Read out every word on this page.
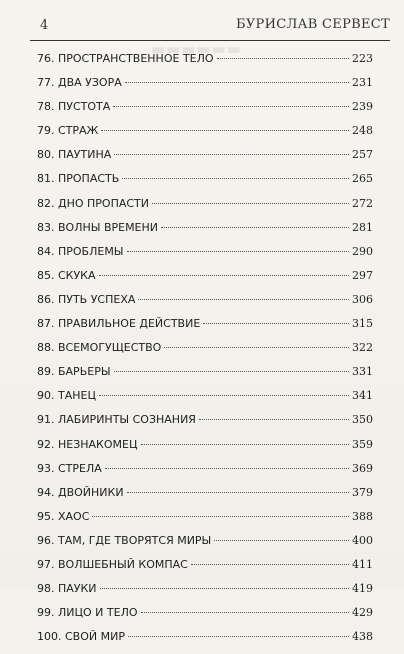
▬▬▬▬▬▬
4	БУРИСЛАВ СЕРВЕСТ
76. ПРОСТРАНСТВЕННОЕ ТЕЛО	223
77. ДВА УЗОРА	231
78. ПУСТОТА	239
79. СТРАЖ	248
80. ПАУТИНА	257
81. ПРОПАСТЬ	265
82. ДНО ПРОПАСТИ	272
83. ВОЛНЫ ВРЕМЕНИ	281
84. ПРОБЛЕМЫ	290
85. СКУКА	297
86. ПУТЬ УСПЕХА	306
87. ПРАВИЛЬНОЕ ДЕЙСТВИЕ	315
88. ВСЕМОГУЩЕСТВО	322
89. БАРЬЕРЫ	331
90. ТАНЕЦ	341
91. ЛАБИРИНТЫ СОЗНАНИЯ	350
92. НЕЗНАКОМЕЦ	359
93. СТРЕЛА	369
94. ДВОЙНИКИ	379
95. ХАОС	388
96. ТАМ, ГДЕ ТВОРЯТСЯ МИРЫ	400
97. ВОЛШЕБНЫЙ КОМПАС	411
98. ПАУКИ	419
99. ЛИЦО И ТЕЛО	429
100. СВОЙ МИР	438
